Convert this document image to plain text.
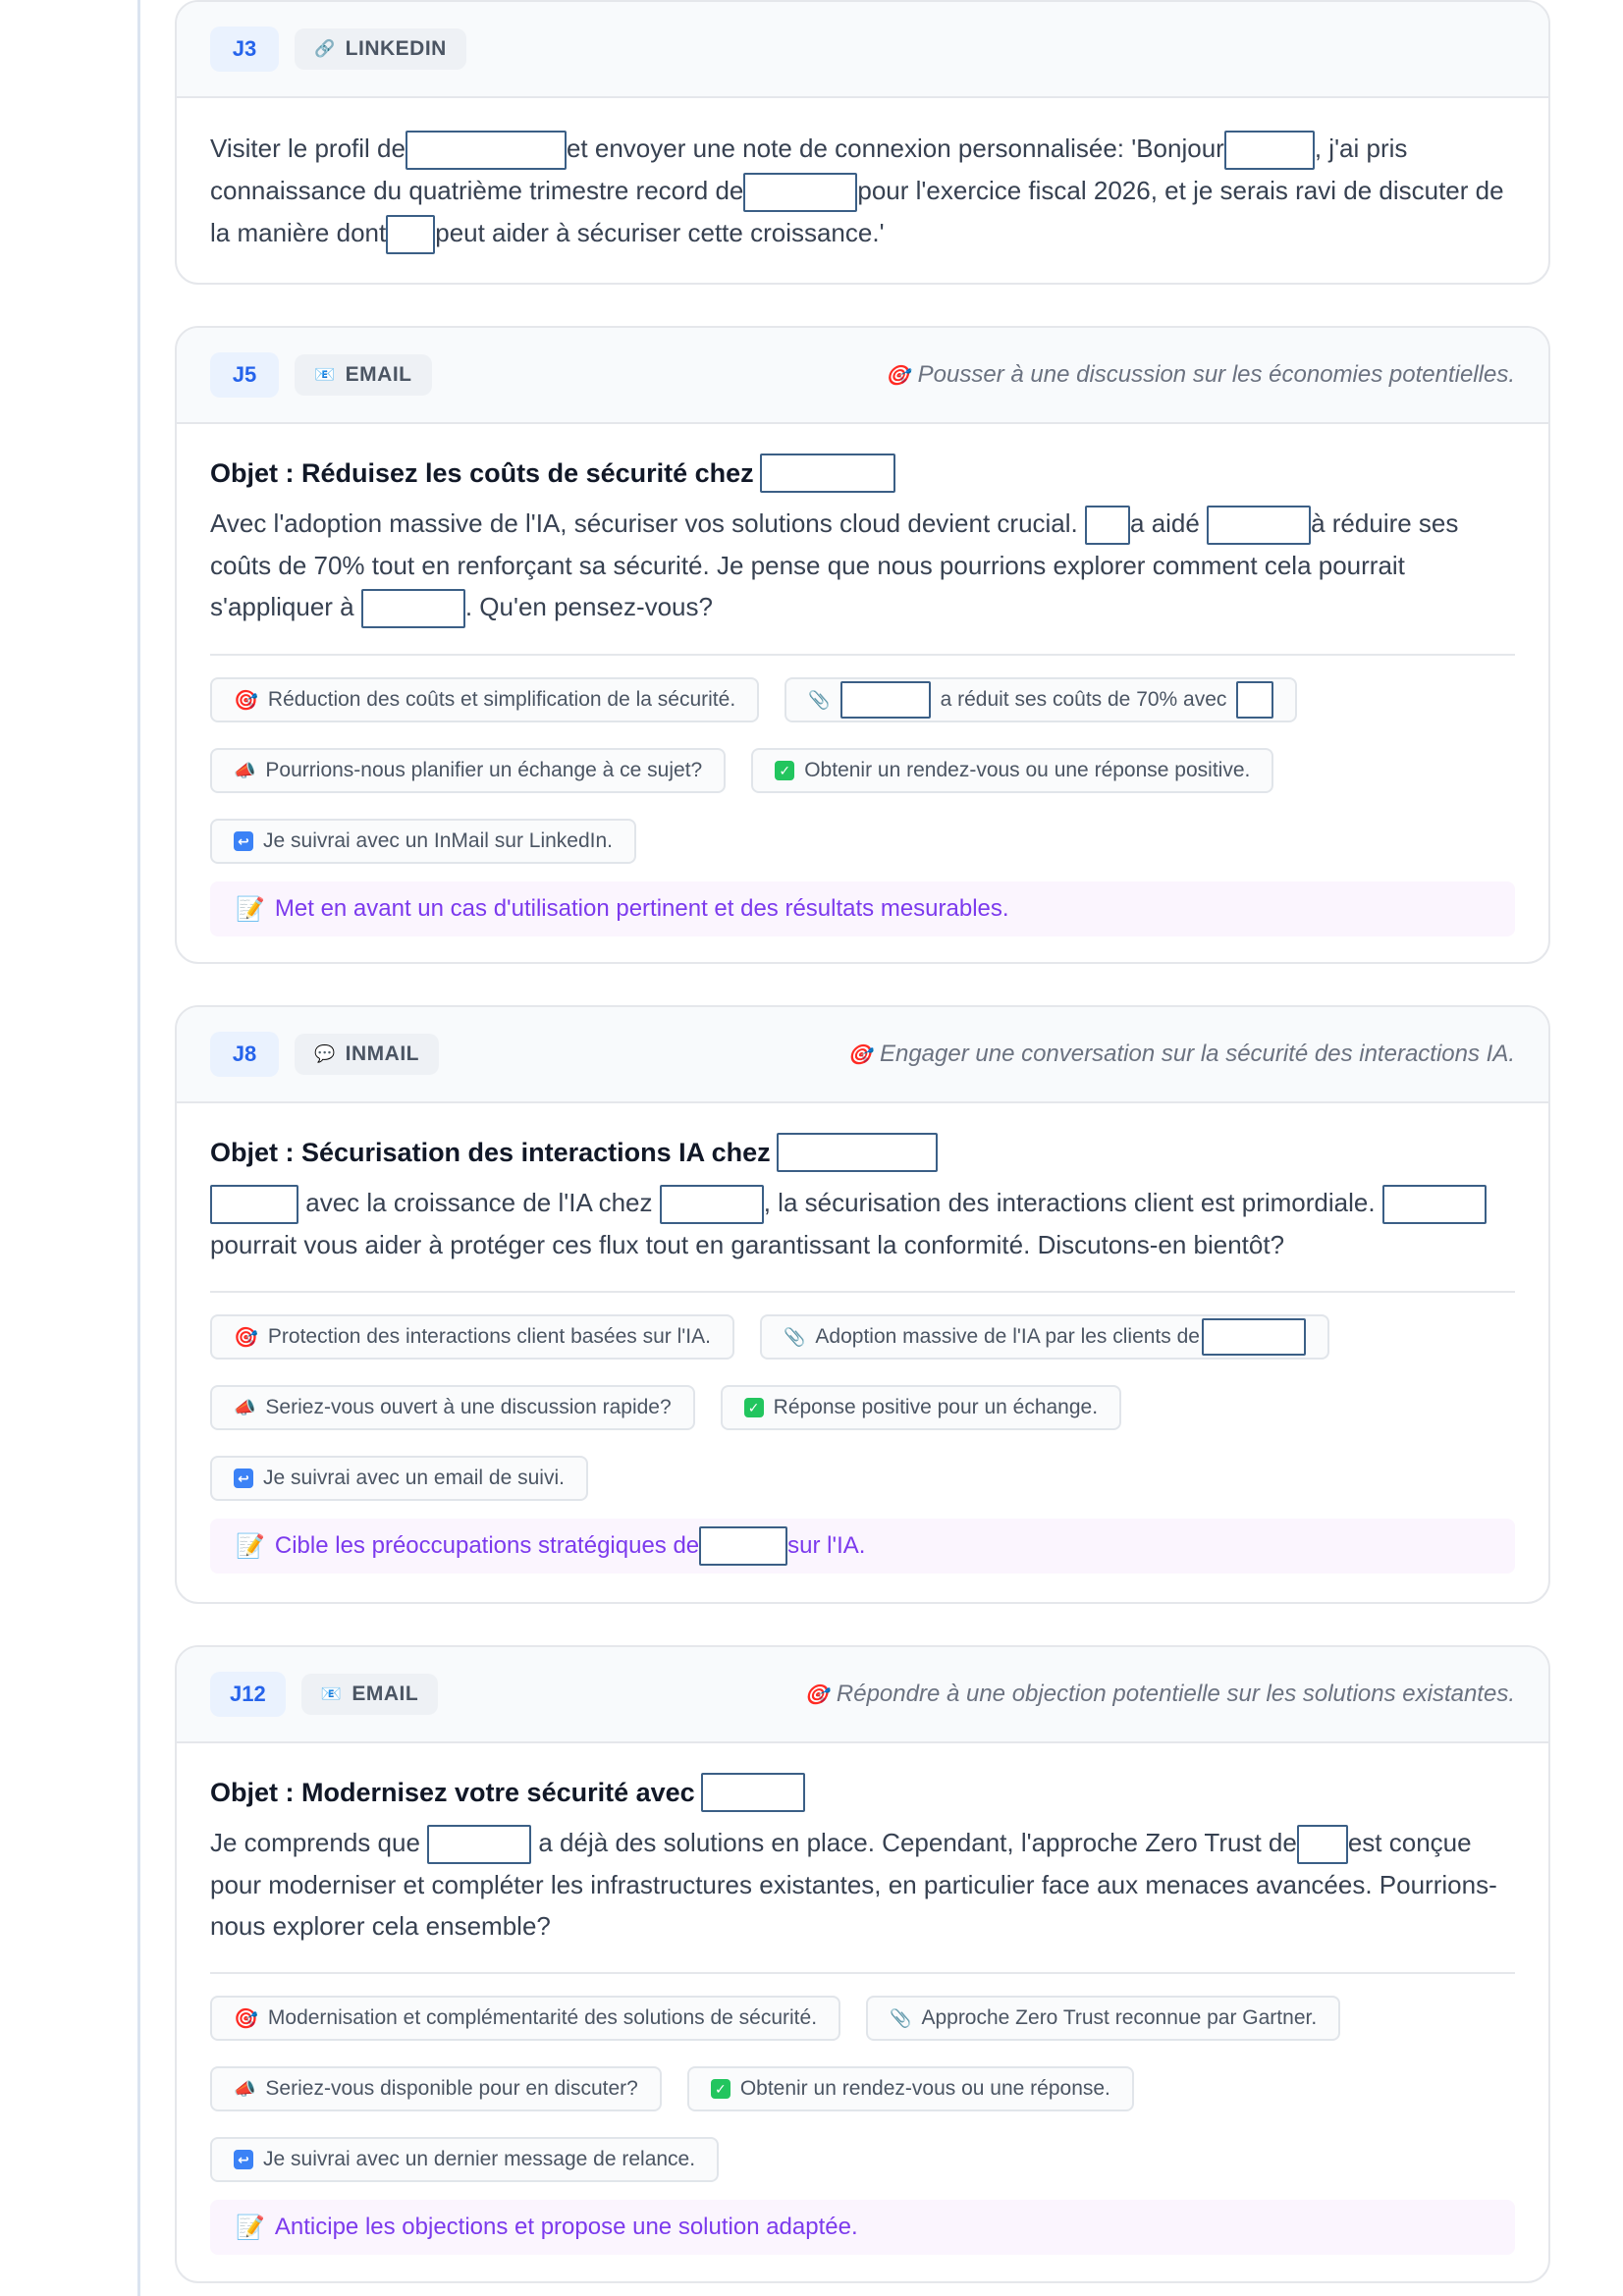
J3	🔗 LINKEDIN
Visiter le profil de	et envoyer une note de connexion personnalisée: 'Bonjour	, j'ai pris connaissance du quatrième trimestre record de	pour l'exercice fiscal 2026, et je serais ravi de discuter de la manière dont peut aider à sécuriser cette croissance.'
J5	📧 EMAIL	🎯 Pousser à une discussion sur les économies potentielles.
Objet : Réduisez les coûts de sécurité chez
Avec l'adoption massive de l'IA, sécuriser vos solutions cloud devient crucial. a aidé	à réduire ses coûts de 70% tout en renforçant sa sécurité. Je pense que nous pourrions explorer comment cela pourrait s'appliquer à	. Qu'en pensez-vous?
🎯 Réduction des coûts et simplification de la sécurité.	📎	a réduit ses coûts de 70% avec
📣 Pourrions-nous planifier un échange à ce sujet?	✓ Obtenir un rendez-vous ou une réponse positive.
↩ Je suivrai avec un InMail sur LinkedIn.
📝 Met en avant un cas d'utilisation pertinent et des résultats mesurables.
J8	💬 INMAIL	🎯 Engager une conversation sur la sécurité des interactions IA.
Objet : Sécurisation des interactions IA chez
avec la croissance de l'IA chez	, la sécurisation des interactions client est primordiale.  pourrait vous aider à protéger ces flux tout en garantissant la conformité. Discutons-en bientôt?
🎯 Protection des interactions client basées sur l'IA.	📎 Adoption massive de l'IA par les clients de
📣 Seriez-vous ouvert à une discussion rapide?	✓ Réponse positive pour un échange.
↩ Je suivrai avec un email de suivi.
📝 Cible les préoccupations stratégiques de	sur l'IA.
J12	📧 EMAIL	🎯 Répondre à une objection potentielle sur les solutions existantes.
Objet : Modernisez votre sécurité avec
Je comprends que	a déjà des solutions en place. Cependant, l'approche Zero Trust de est conçue pour moderniser et compléter les infrastructures existantes, en particulier face aux menaces avancées. Pourrions-nous explorer cela ensemble?
🎯 Modernisation et complémentarité des solutions de sécurité.	📎 Approche Zero Trust reconnue par Gartner.
📣 Seriez-vous disponible pour en discuter?	✓ Obtenir un rendez-vous ou une réponse.
↩ Je suivrai avec un dernier message de relance.
📝 Anticipe les objections et propose une solution adaptée.
